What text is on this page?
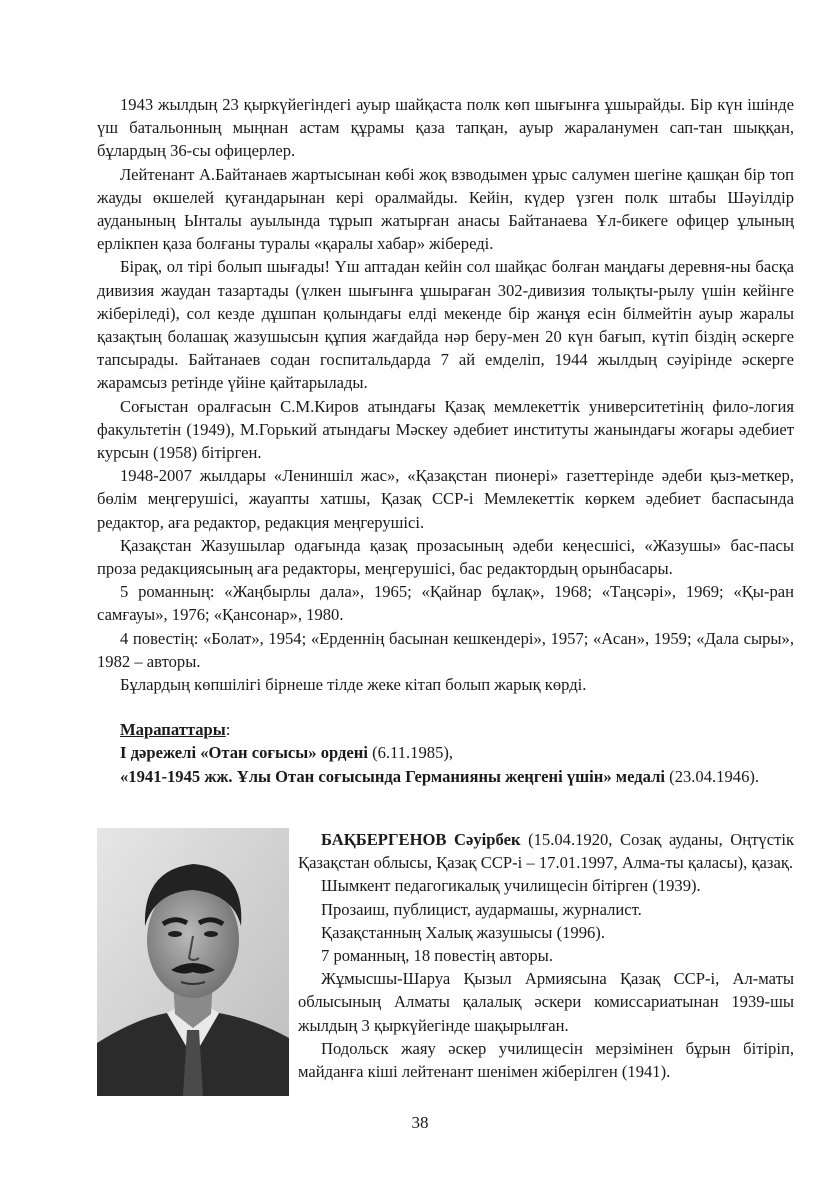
1943 жылдың 23 қыркүйегіндегі ауыр шайқаста полк көп шығынға ұшырайды. Бір күн ішінде үш батальонның мыңнан астам құрамы қаза тапқан, ауыр жараланумен сап-тан шыққан, бұлардың 36-сы офицерлер.

Лейтенант А.Байтанаев жартысынан көбі жоқ взводымен ұрыс салумен шегіне қашқан бір топ жауды өкшелей қуғандарынан кері оралмайды. Кейін, күдер үзген полк штабы Шәуілдір ауданының Ынталы ауылында тұрып жатырған анасы Байтанаева Ұл-бикеге офицер ұлының ерлікпен қаза болғаны туралы «қаралы хабар» жібереді.

Бірақ, ол тірі болып шығады! Үш аптадан кейін сол шайқас болған маңдағы деревня-ны басқа дивизия жаудан тазартады (үлкен шығынға ұшыраған 302-дивизия толықты-рылу үшін кейінге жіберіледі), сол кезде дұшпан қолындағы елді мекенде бір жанұя есін білмейтін ауыр жаралы қазақтың болашақ жазушысын құпия жағдайда нәр беру-мен 20 күн бағып, күтіп біздің әскерге тапсырады. Байтанаев содан госпитальдарда 7 ай емделіп, 1944 жылдың сәуірінде әскерге жарамсыз ретінде үйіне қайтарылады.

Соғыстан оралғасын С.М.Киров атындағы Қазақ мемлекеттік университетінің фило-логия факультетін (1949), М.Горький атындағы Мәскеу әдебиет институты жанындағы жоғары әдебиет курсын (1958) бітірген.

1948-2007 жылдары «Лениншіл жас», «Қазақстан пионері» газеттерінде әдеби қыз-меткер, бөлім меңгерушісі, жауапты хатшы, Қазақ ССР-і Мемлекеттік көркем әдебиет баспасында редактор, аға редактор, редакция меңгерушісі.

Қазақстан Жазушылар одағында қазақ прозасының әдеби кеңесшісі, «Жазушы» бас-пасы проза редакциясының аға редакторы, меңгерушісі, бас редактордың орынбасары.

5 романның: «Жаңбырлы дала», 1965; «Қайнар бұлақ», 1968; «Таңсәрі», 1969; «Қы-ран самғауы», 1976; «Қансонар», 1980.

4 повестің: «Болат», 1954; «Ерденнің басынан кешкендері», 1957; «Асан», 1959; «Дала сыры», 1982 – авторы.

Бұлардың көпшілігі бірнеше тілде жеке кітап болып жарық көрді.

Марапаттары:

І дәрежелі «Отан соғысы» ордені (6.11.1985),

«1941-1945 жж. Ұлы Отан соғысында Германияны жеңгені үшін» медалі (23.04.1946).

БАҚБЕРГЕНОВ Сәуірбек (15.04.1920, Созақ ауданы, Оңтүстік Қазақстан облысы, Қазақ ССР-і – 17.01.1997, Алма-ты қаласы), қазақ.

Шымкент педагогикалық училищесін бітірген (1939).

Прозаиш, публицист, аудармашы, журналист.

Қазақстанның Халық жазушысы (1996).

7 романның, 18 повестің авторы.

Жұмысшы-Шаруа Қызыл Армиясына Қазақ ССР-і, Ал-маты облысының Алматы қалалық әскери комиссариатынан 1939-шы жылдың 3 қыркүйегінде шақырылған.

Подольск жаяу әскер училищесін мерзімінен бұрын бітіріп, майданға кіші лейтенант шенімен жіберілген (1941).

38
